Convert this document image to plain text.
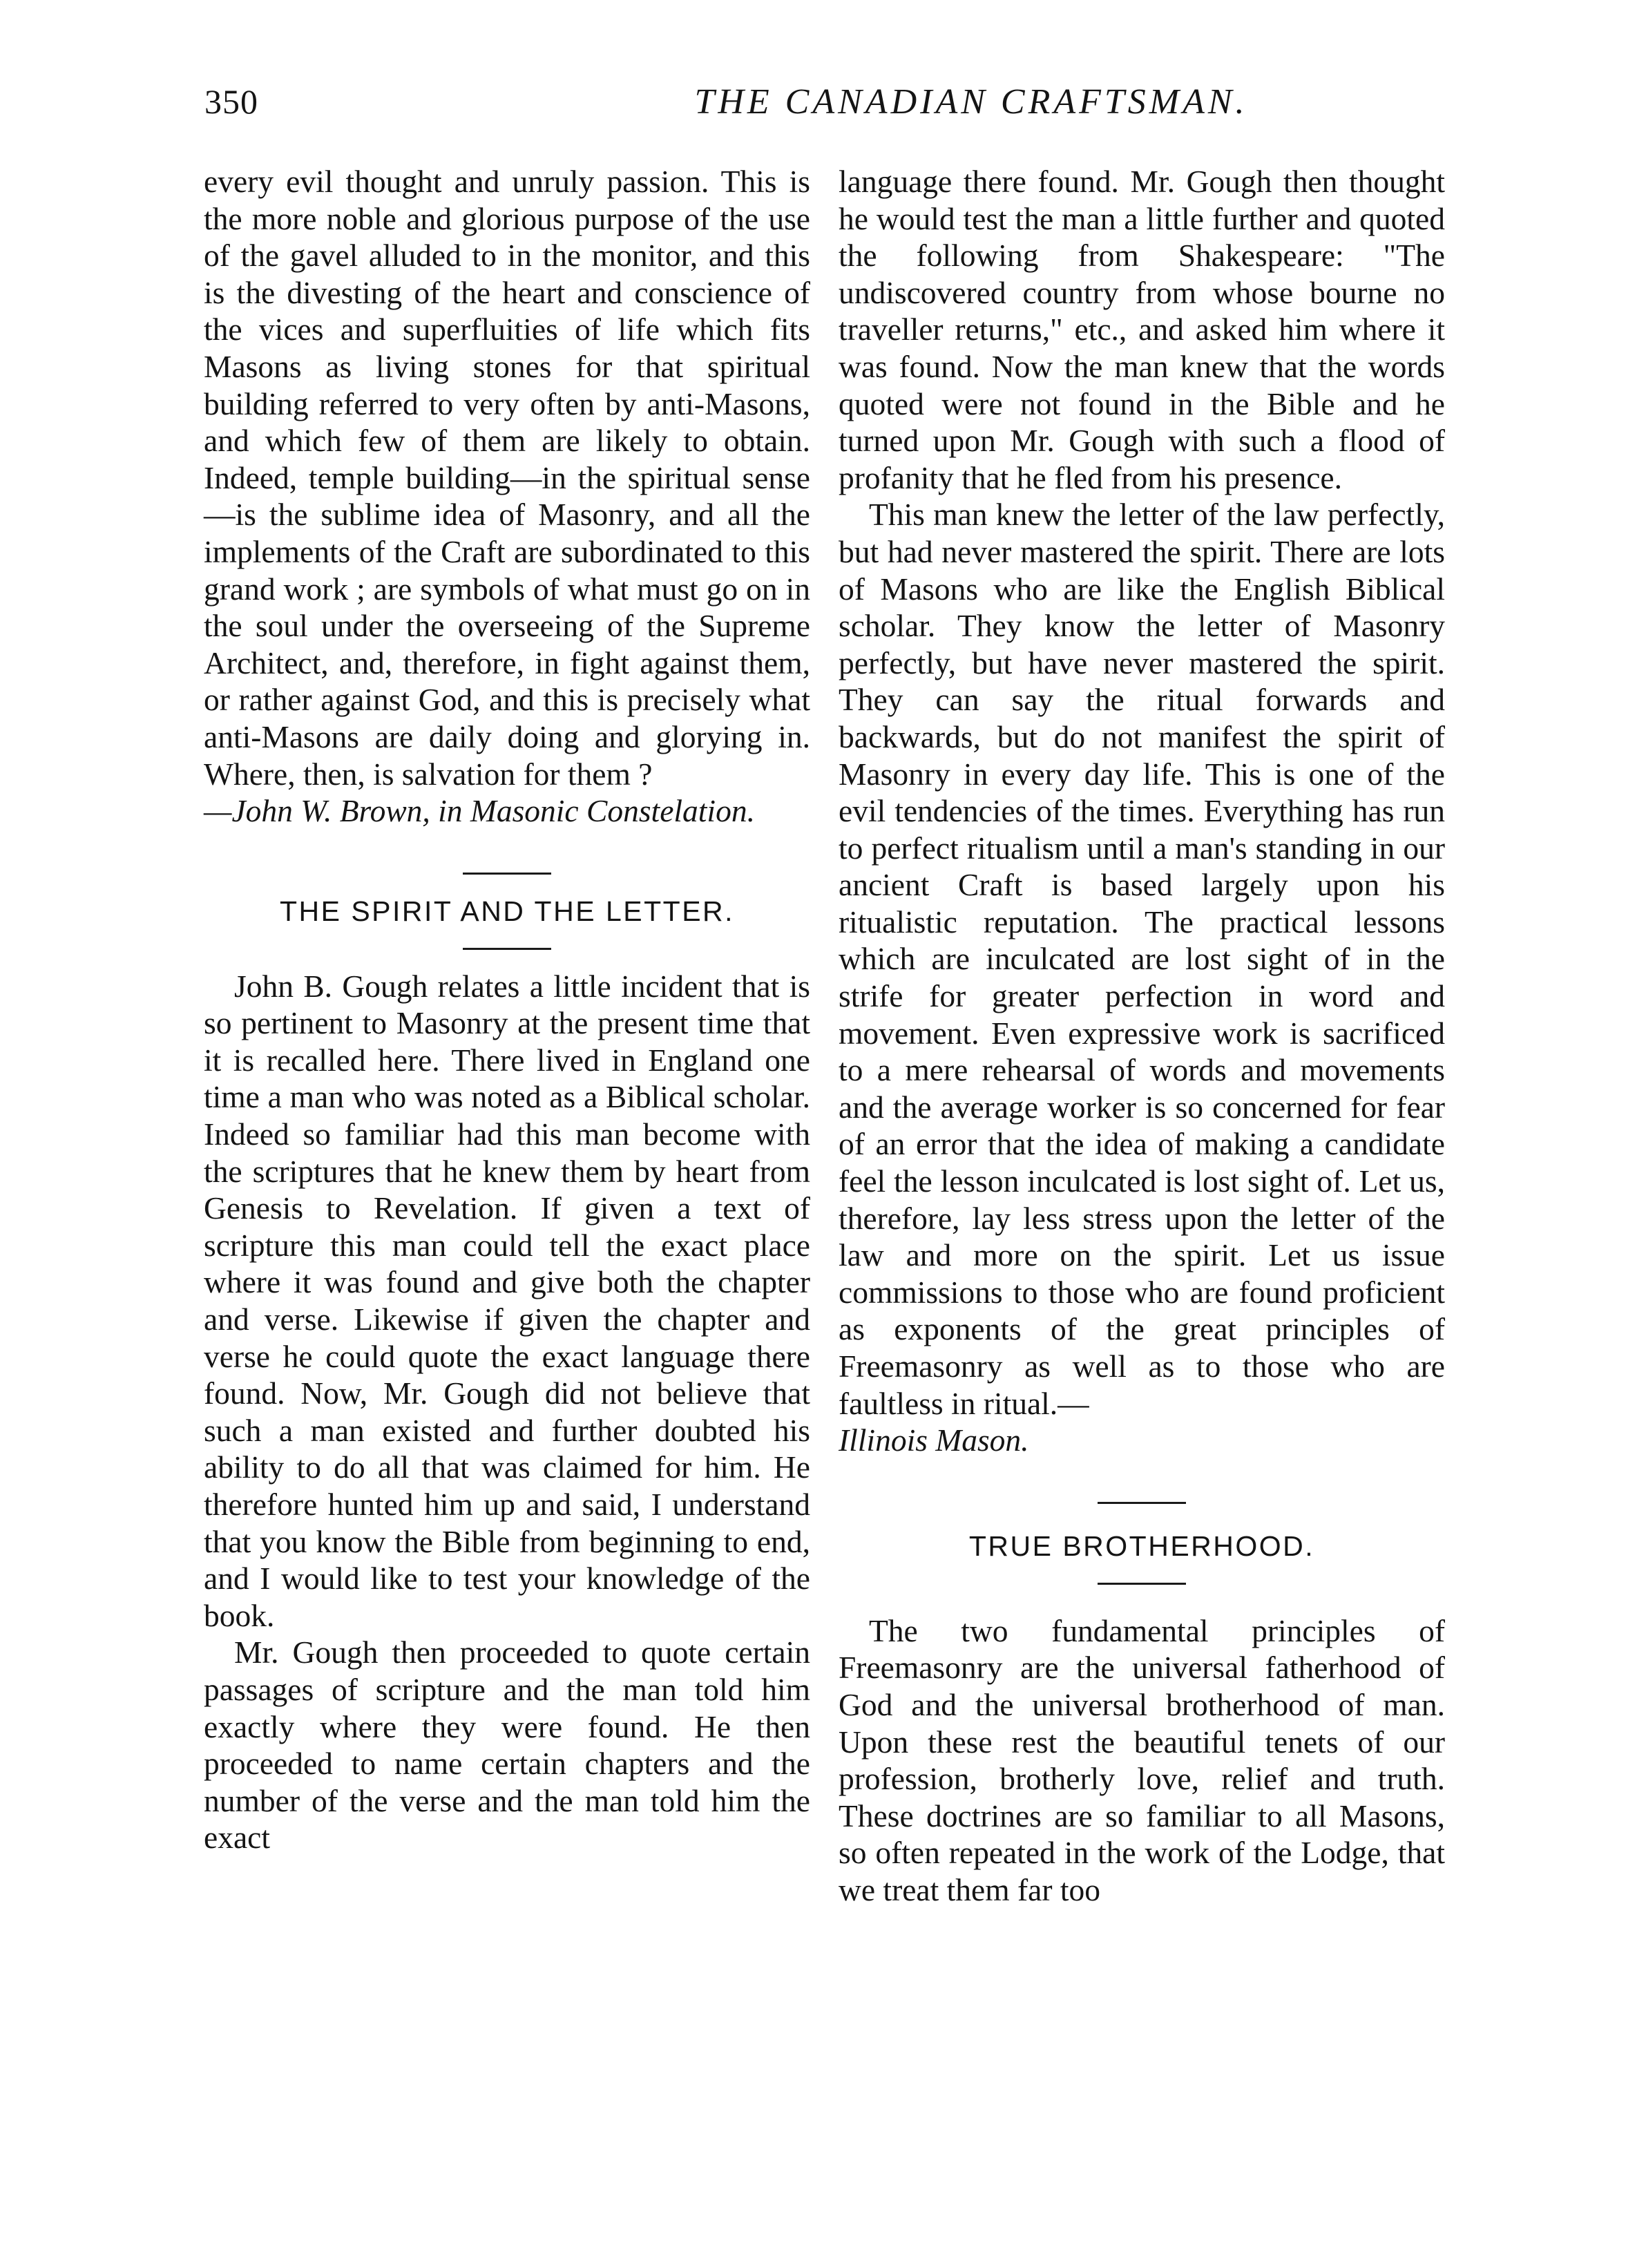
350	THE CANADIAN CRAFTSMAN.

every evil thought and unruly passion. This is the more noble and glorious purpose of the use of the gavel alluded to in the monitor, and this is the divesting of the heart and conscience of the vices and superfluities of life which fits Masons as living stones for that spiritual building referred to very often by anti-Masons, and which few of them are likely to obtain. Indeed, temple building—in the spiritual sense —is the sublime idea of Masonry, and all the implements of the Craft are subordinated to this grand work ; are symbols of what must go on in the soul under the overseeing of the Supreme Architect, and, therefore, in fight against them, or rather against God, and this is precisely what anti-Masons are daily doing and glorying in. Where, then, is salvation for them ?

—John W. Brown, in Masonic Constelation.

THE SPIRIT AND THE LETTER.

John B. Gough relates a little incident that is so pertinent to Masonry at the present time that it is recalled here. There lived in England one time a man who was noted as a Biblical scholar. Indeed so familiar had this man become with the scriptures that he knew them by heart from Genesis to Revelation. If given a text of scripture this man could tell the exact place where it was found and give both the chapter and verse. Likewise if given the chapter and verse he could quote the exact language there found. Now, Mr. Gough did not believe that such a man existed and further doubted his ability to do all that was claimed for him. He therefore hunted him up and said, I understand that you know the Bible from beginning to end, and I would like to test your knowledge of the book.

Mr. Gough then proceeded to quote certain passages of scripture and the man told him exactly where they were found. He then proceeded to name certain chapters and the number of the verse and the man told him the exact

language there found. Mr. Gough then thought he would test the man a little further and quoted the following from Shakespeare: "The undiscovered country from whose bourne no traveller returns," etc., and asked him where it was found. Now the man knew that the words quoted were not found in the Bible and he turned upon Mr. Gough with such a flood of profanity that he fled from his presence.

This man knew the letter of the law perfectly, but had never mastered the spirit. There are lots of Masons who are like the English Biblical scholar. They know the letter of Masonry perfectly, but have never mastered the spirit. They can say the ritual forwards and backwards, but do not manifest the spirit of Masonry in every day life. This is one of the evil tendencies of the times. Everything has run to perfect ritualism until a man's standing in our ancient Craft is based largely upon his ritualistic reputation. The practical lessons which are inculcated are lost sight of in the strife for greater perfection in word and movement. Even expressive work is sacrificed to a mere rehearsal of words and movements and the average worker is so concerned for fear of an error that the idea of making a candidate feel the lesson inculcated is lost sight of. Let us, therefore, lay less stress upon the letter of the law and more on the spirit. Let us issue commissions to those who are found proficient as exponents of the great principles of Freemasonry as well as to those who are faultless in ritual.—

Illinois Mason.

TRUE BROTHERHOOD.

The two fundamental principles of Freemasonry are the universal fatherhood of God and the universal brotherhood of man. Upon these rest the beautiful tenets of our profession, brotherly love, relief and truth. These doctrines are so familiar to all Masons, so often repeated in the work of the Lodge, that we treat them far too
